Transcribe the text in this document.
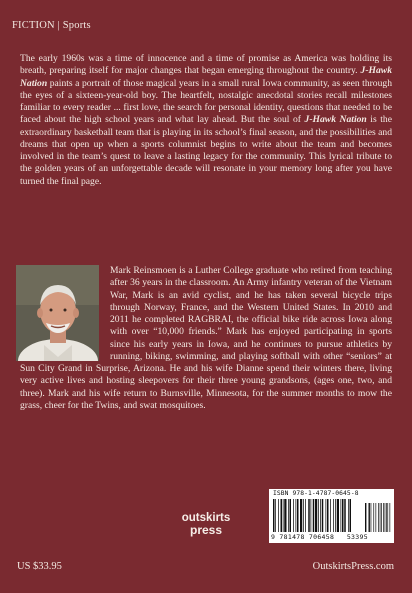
FICTION | Sports

The early 1960s was a time of innocence and a time of promise as America was holding its breath, preparing itself for major changes that began emerging throughout the country. J-Hawk Nation paints a portrait of those magical years in a small rural Iowa community, as seen through the eyes of a sixteen-year-old boy. The heartfelt, nostalgic anecdotal stories recall milestones familiar to every reader ... first love, the search for personal identity, questions that needed to be faced about the high school years and what lay ahead. But the soul of J-Hawk Nation is the extraordinary basketball team that is playing in its school’s final season, and the possibilities and dreams that open up when a sports columnist begins to write about the team and becomes involved in the team’s quest to leave a lasting legacy for the community. This lyrical tribute to the golden years of an unforgettable decade will resonate in your memory long after you have turned the final page.

Mark Reinsmoen is a Luther College graduate who retired from teaching after 36 years in the classroom. An Army infantry veteran of the Vietnam War, Mark is an avid cyclist, and he has taken several bicycle trips through Norway, France, and the Western United States. In 2010 and 2011 he completed RAGBRAI, the official bike ride across Iowa along with over “10,000 friends.” Mark has enjoyed participating in sports since his early years in Iowa, and he continues to pursue athletics by running, biking, swimming, and playing softball with other “seniors” at Sun City Grand in Surprise, Arizona. He and his wife Dianne spend their winters there, living very active lives and hosting sleepovers for their three young grandsons, (ages one, two, and three). Mark and his wife return to Burnsville, Minnesota, for the summer months to mow the grass, cheer for the Twins, and swat mosquitoes.

outskirts
press
ISBN 978-1-4787-0645-8
9 781478 706458 53395
US $33.95	OutskirtsPress.com
